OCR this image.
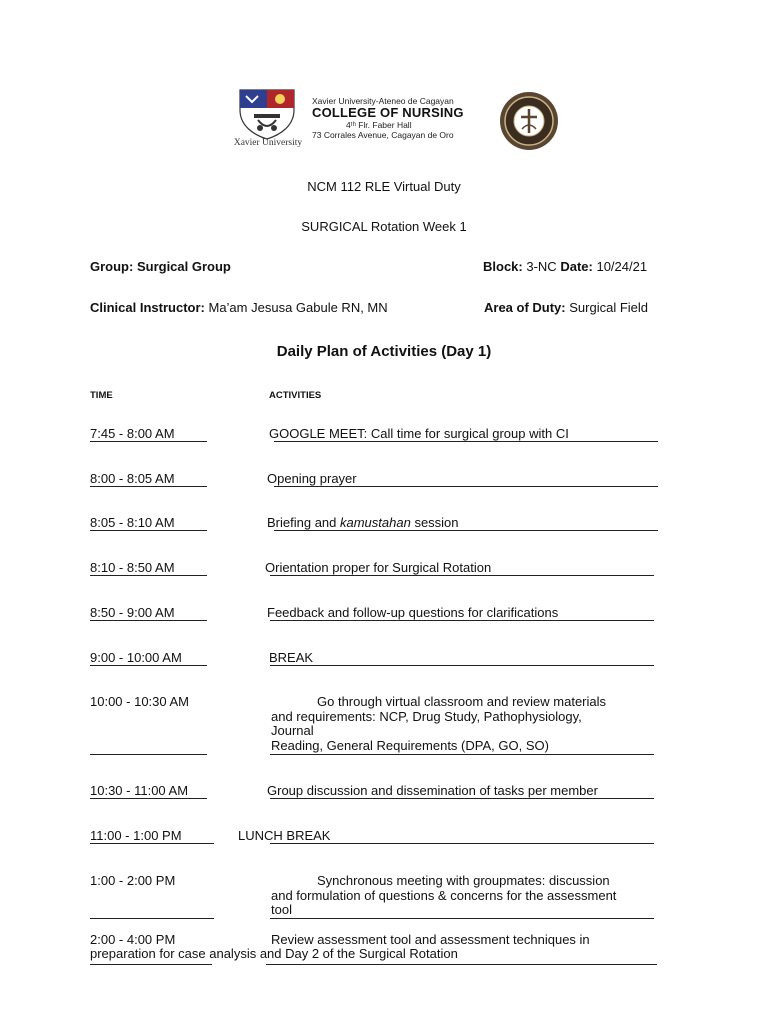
Xavier University
Xavier University-Ateneo de Cagayan
COLLEGE OF NURSING
4ᵗʰ Flr. Faber Hall
73 Corrales Avenue, Cagayan de Oro
NCM 112 RLE Virtual Duty
SURGICAL Rotation Week 1
Group: Surgical Group	Block: 3-NC Date: 10/24/21
Clinical Instructor: Ma’am Jesusa Gabule RN, MN	Area of Duty: Surgical Field
Daily Plan of Activities (Day 1)
TIME	ACTIVITIES
7:45 - 8:00 AM	GOOGLE MEET: Call time for surgical group with CI
8:00 - 8:05 AM	Opening prayer
8:05 - 8:10 AM	Briefing and kamustahan session
8:10 - 8:50 AM	Orientation proper for Surgical Rotation
8:50 - 9:00 AM	Feedback and follow-up questions for clarifications
9:00 - 10:00 AM	BREAK
10:00 - 10:30 AM	Go through virtual classroom and review materials
and requirements: NCP, Drug Study, Pathophysiology,
Journal
Reading, General Requirements (DPA, GO, SO)
10:30 - 11:00 AM	Group discussion and dissemination of tasks per member
11:00 - 1:00 PM	LUNCH BREAK
1:00 - 2:00 PM	Synchronous meeting with groupmates: discussion
and formulation of questions & concerns for the assessment
tool
2:00 - 4:00 PM	Review assessment tool and assessment techniques in
preparation for case analysis and Day 2 of the Surgical Rotation
